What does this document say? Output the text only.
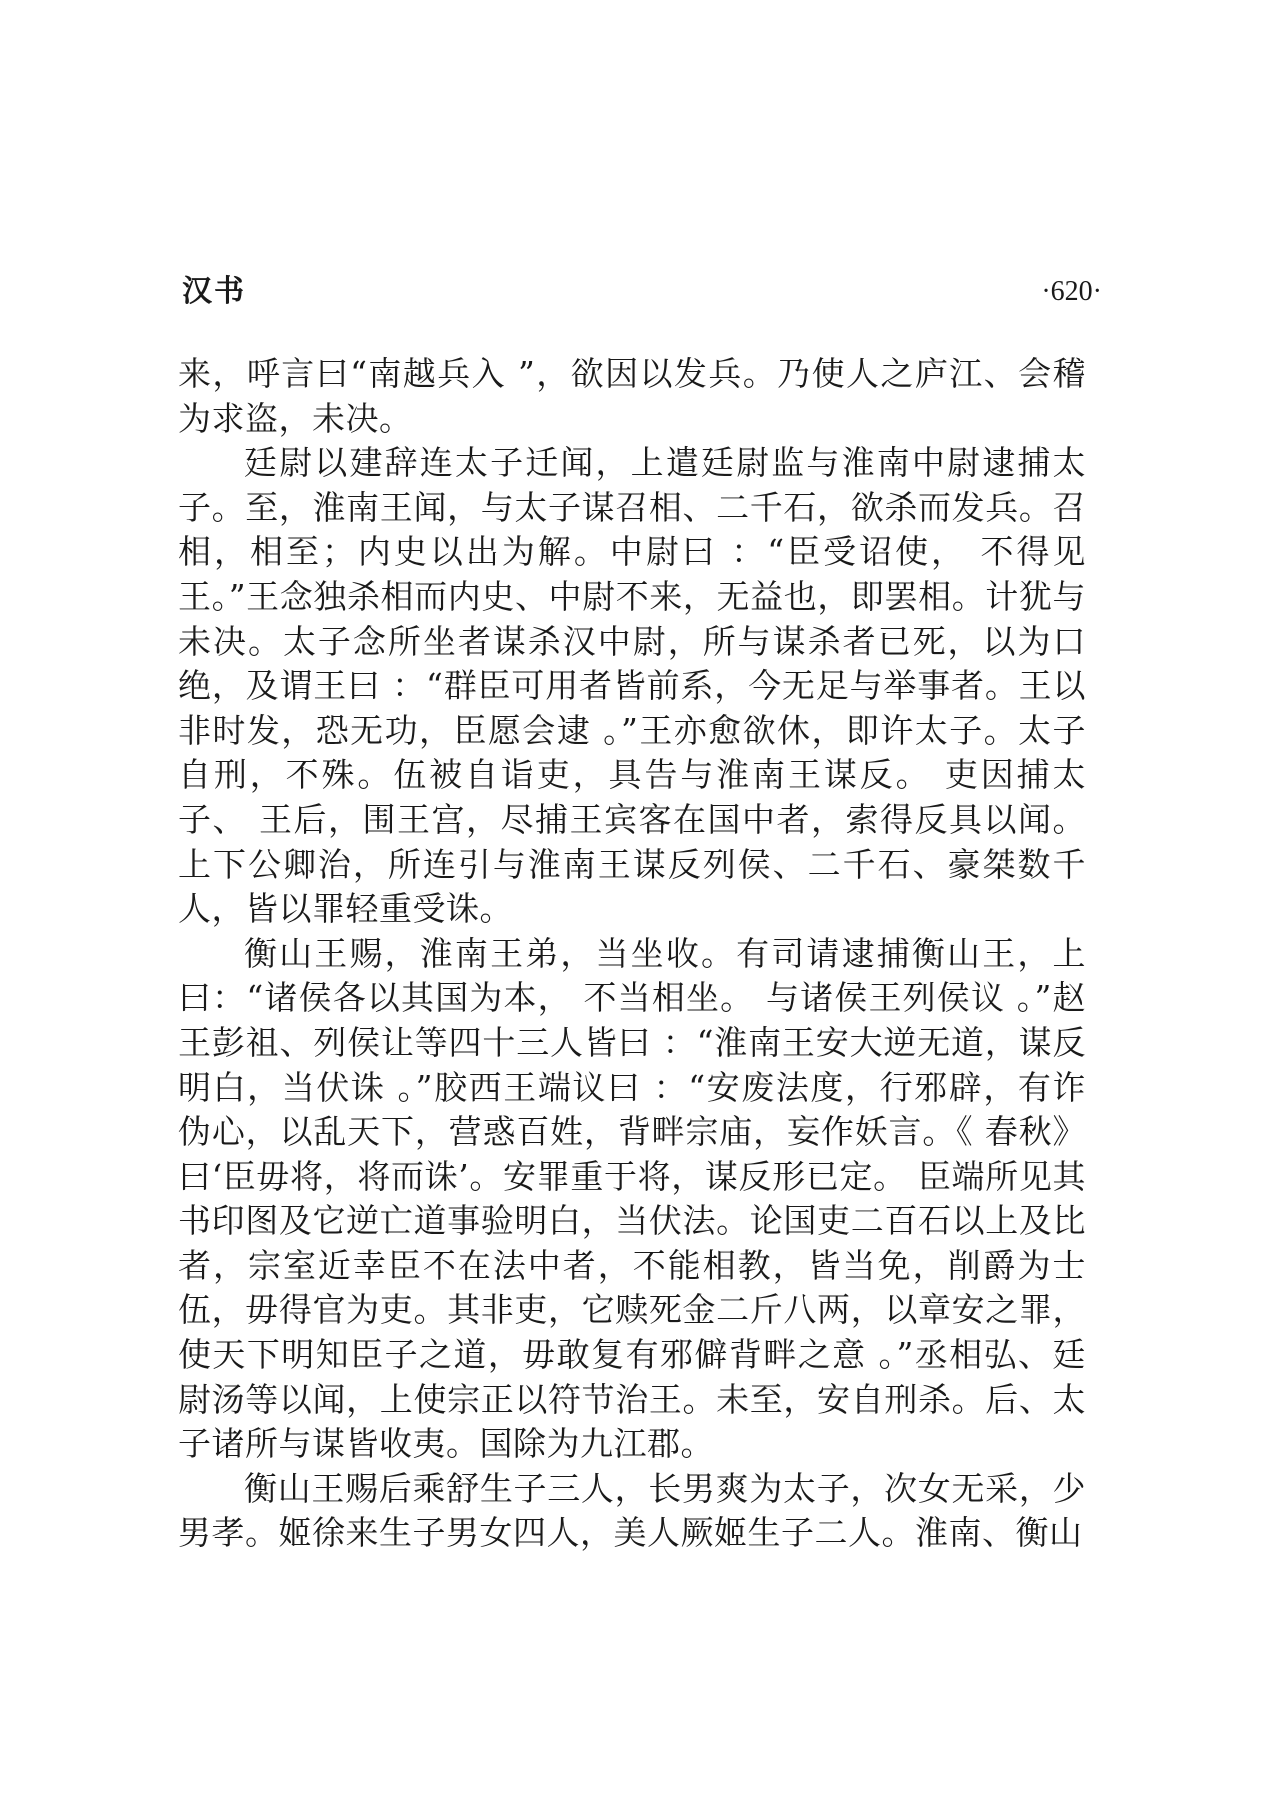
汉书	·620·

来，呼言曰“南越兵入 ”，欲因以发兵。乃使人之庐江、会稽为求盗，未决。

廷尉以建辞连太子迁闻，上遣廷尉监与淮南中尉逮捕太子。至，淮南王闻，与太子谋召相、二千石，欲杀而发兵。召相，相至；内史以出为解。中尉曰 ：“臣受诏使， 不得见王。”王念独杀相而内史、中尉不来，无益也，即罢相。计犹与未决。太子念所坐者谋杀汉中尉，所与谋杀者已死，以为口绝，及谓王曰 ：“群臣可用者皆前系，今无足与举事者。王以非时发，恐无功，臣愿会逮 。”王亦愈欲休，即许太子。太子自刑，不殊。伍被自诣吏，具告与淮南王谋反。 吏因捕太子、 王后，围王宫，尽捕王宾客在国中者，索得反具以闻。上下公卿治，所连引与淮南王谋反列侯、二千石、豪桀数千人，皆以罪轻重受诛。

衡山王赐，淮南王弟，当坐收。有司请逮捕衡山王，上曰：“诸侯各以其国为本， 不当相坐。 与诸侯王列侯议 。”赵王彭祖、列侯让等四十三人皆曰 ：“淮南王安大逆无道，谋反明白，当伏诛 。”胶西王端议曰 ：“安废法度，行邪辟，有诈伪心，以乱天下，营惑百姓，背畔宗庙，妄作妖言。《 春秋》曰‘臣毋将，将而诛’。安罪重于将，谋反形已定。 臣端所见其书印图及它逆亡道事验明白，当伏法。论国吏二百石以上及比者，宗室近幸臣不在法中者，不能相教，皆当免，削爵为士伍，毋得官为吏。其非吏，它赎死金二斤八两，以章安之罪，使天下明知臣子之道，毋敢复有邪僻背畔之意 。”丞相弘、廷尉汤等以闻，上使宗正以符节治王。未至，安自刑杀。后、太子诸所与谋皆收夷。国除为九江郡。

衡山王赐后乘舒生子三人，长男爽为太子，次女无采，少男孝。姬徐来生子男女四人，美人厥姬生子二人。淮南、衡山
